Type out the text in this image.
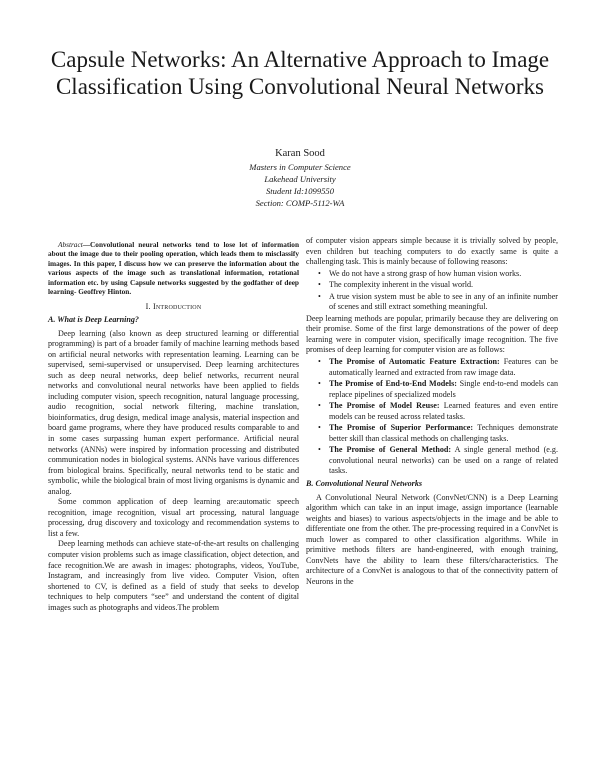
Capsule Networks: An Alternative Approach to Image Classification Using Convolutional Neural Networks
Karan Sood
Masters in Computer Science
Lakehead University
Student Id:1099550
Section: COMP-5112-WA

Abstract—Convolutional neural networks tend to lose lot of information about the image due to their pooling operation, which leads them to misclassify images. In this paper, I discuss how we can preserve the information about the various aspects of the image such as translational information, rotational information etc. by using Capsule networks suggested by the godfather of deep learning- Geoffrey Hinton.

I. Introduction
A. What is Deep Learning?

Deep learning (also known as deep structured learning or differential programming) is part of a broader family of machine learning methods based on artificial neural networks with representation learning. Learning can be supervised, semi-supervised or unsupervised. Deep learning architectures such as deep neural networks, deep belief networks, recurrent neural networks and convolutional neural networks have been applied to fields including computer vision, speech recognition, natural language processing, audio recognition, social network filtering, machine translation, bioinformatics, drug design, medical image analysis, material inspection and board game programs, where they have produced results comparable to and in some cases surpassing human expert performance. Artificial neural networks (ANNs) were inspired by information processing and distributed communication nodes in biological systems. ANNs have various differences from biological brains. Specifically, neural networks tend to be static and symbolic, while the biological brain of most living organisms is dynamic and analog.

Some common application of deep learning are:automatic speech recognition, image recognition, visual art processing, natural language processing, drug discovery and toxicology and recommendation systems to list a few.

Deep learning methods can achieve state-of-the-art results on challenging computer vision problems such as image classification, object detection, and face recognition.We are awash in images: photographs, videos, YouTube, Instagram, and increasingly from live video. Computer Vision, often shortened to CV, is defined as a field of study that seeks to develop techniques to help computers “see” and understand the content of digital images such as photographs and videos.The problem

of computer vision appears simple because it is trivially solved by people, even children but teaching computers to do exactly same is quite a challenging task. This is mainly because of following reasons:

• We do not have a strong grasp of how human vision works.
• The complexity inherent in the visual world.
• A true vision system must be able to see in any of an infinite number of scenes and still extract something meaningful.

Deep learning methods are popular, primarily because they are delivering on their promise. Some of the first large demonstrations of the power of deep learning were in computer vision, specifically image recognition. The five promises of deep learning for computer vision are as follows:

• The Promise of Automatic Feature Extraction: Features can be automatically learned and extracted from raw image data.
• The Promise of End-to-End Models: Single end-to-end models can replace pipelines of specialized models
• The Promise of Model Reuse: Learned features and even entire models can be reused across related tasks.
• The Promise of Superior Performance: Techniques demonstrate better skill than classical methods on challenging tasks.
• The Promise of General Method: A single general method (e.g. convolutional neural networks) can be used on a range of related tasks.
B. Convolutional Neural Networks

A Convolutional Neural Network (ConvNet/CNN) is a Deep Learning algorithm which can take in an input image, assign importance (learnable weights and biases) to various aspects/objects in the image and be able to differentiate one from the other. The pre-processing required in a ConvNet is much lower as compared to other classification algorithms. While in primitive methods filters are hand-engineered, with enough training, ConvNets have the ability to learn these filters/characteristics. The architecture of a ConvNet is analogous to that of the connectivity pattern of Neurons in the
